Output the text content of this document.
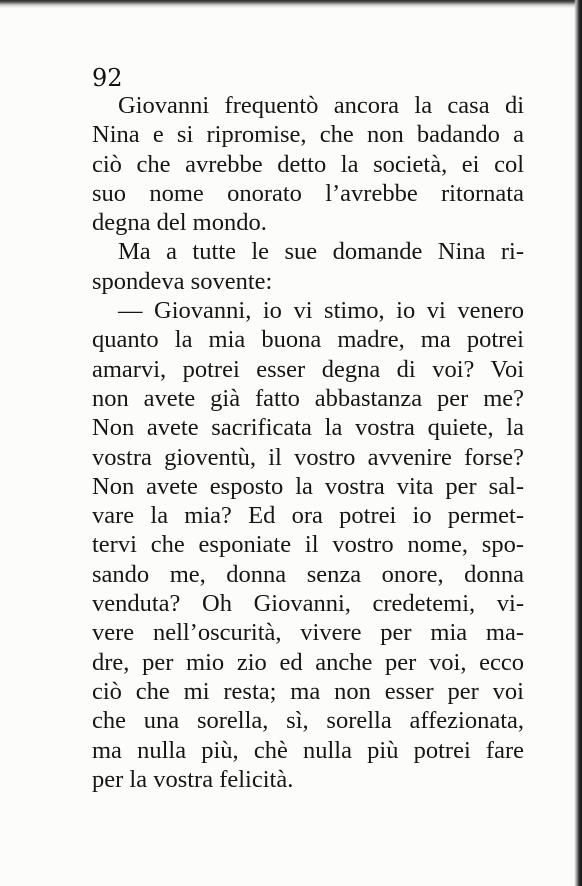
92
Giovanni frequentò ancora la casa di
Nina e si ripromise, che non badando a
ciò che avrebbe detto la società, ei col
suo nome onorato l’avrebbe ritornata
degna del mondo.
Ma a tutte le sue domande Nina ri-
spondeva sovente:
— Giovanni, io vi stimo, io vi venero
quanto la mia buona madre, ma potrei
amarvi, potrei esser degna di voi? Voi
non avete già fatto abbastanza per me?
Non avete sacrificata la vostra quiete, la
vostra gioventù, il vostro avvenire forse?
Non avete esposto la vostra vita per sal-
vare la mia? Ed ora potrei io permet-
tervi che esponiate il vostro nome, spo-
sando me, donna senza onore, donna
venduta? Oh Giovanni, credetemi, vi-
vere nell’oscurità, vivere per mia ma-
dre, per mio zio ed anche per voi, ecco
ciò che mi resta; ma non esser per voi
che una sorella, sì, sorella affezionata,
ma nulla più, chè nulla più potrei fare
per la vostra felicità.
